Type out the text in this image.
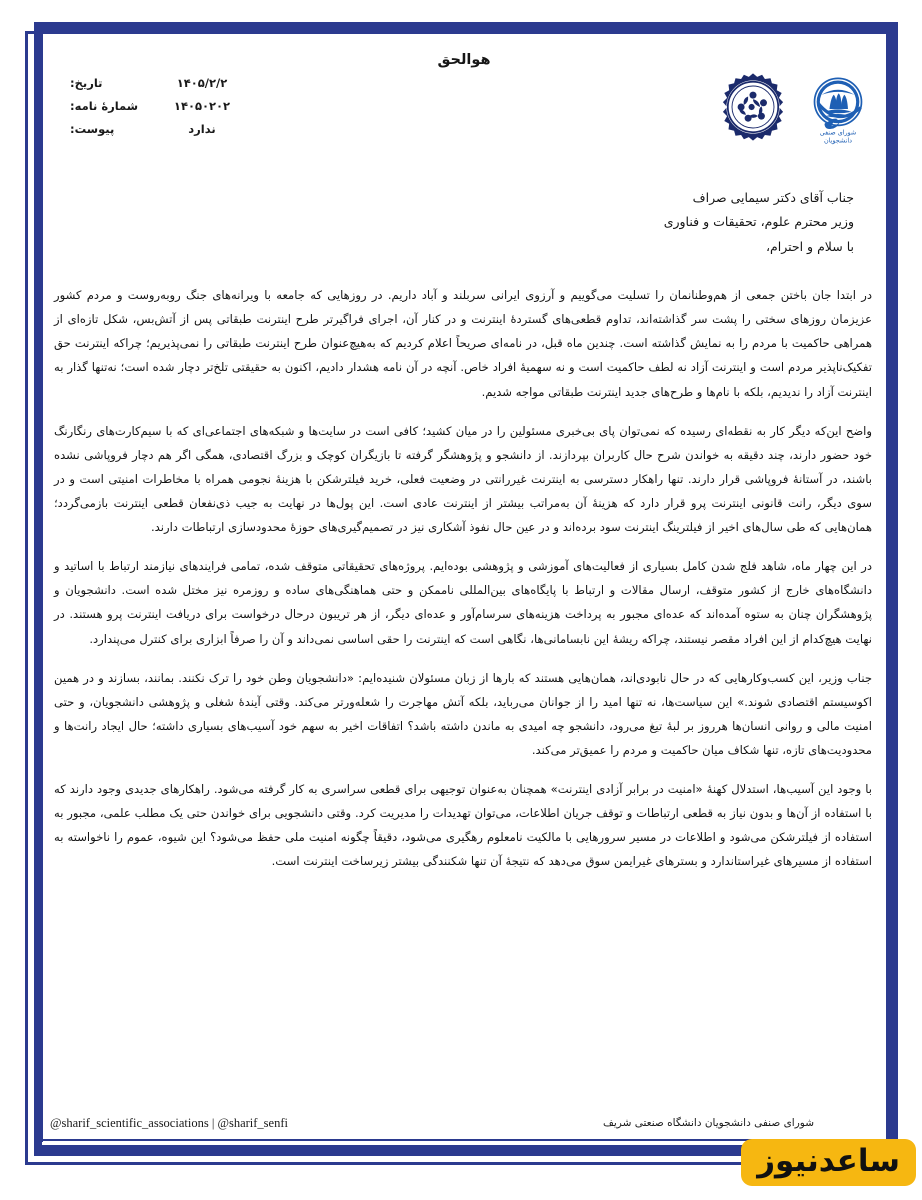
هوالحق
۱۴۰۵/۲/۲
تاریخ:
۱۴۰۵۰۲۰۲
شمارۀ نامه:
ندارد
پیوست:	شورای صنفی
دانشجویان
جناب آقای دکتر سیمایی صراف
وزیر محترم علوم، تحقیقات و فناوری
با سلام و احترام،

در ابتدا جان باختن جمعی از هم‌وطنانمان را تسلیت می‌گوییم و آرزوی ایرانی سربلند و آباد داریم. در روزهایی که جامعه با ویرانه‌های جنگ روبه‌روست و مردم کشور عزیزمان روزهای سختی را پشت سر گذاشته‌اند، تداوم قطعی‌های گستردۀ اینترنت و در کنار آن، اجرای فراگیرتر طرح اینترنت طبقاتی پس از آتش‌بس، شکل تازه‌ای از همراهی حاکمیت با مردم را به نمایش گذاشته است. چندین ماه قبل، در نامه‌ای صریحاً اعلام کردیم که به‌هیچ‌عنوان طرح اینترنت طبقاتی را نمی‌پذیریم؛ چراکه اینترنت حق تفکیک‌ناپذیر مردم است و اینترنت آزاد نه لطف حاکمیت است و نه سهمیۀ افراد خاص. آنچه در آن نامه هشدار دادیم، اکنون به حقیقتی تلخ‌تر دچار شده است؛ نه‌تنها گذار به اینترنت آزاد را ندیدیم، بلکه با نام‌ها و طرح‌های جدید اینترنت طبقاتی مواجه شدیم.

واضح این‌که دیگر کار به نقطه‌ای رسیده که نمی‌توان پای بی‌خبری مسئولین را در میان کشید؛ کافی است در سایت‌ها و شبکه‌های اجتماعی‌ای که با سیم‌کارت‌های رنگارنگ خود حضور دارند، چند دقیقه به خواندن شرح حال کاربران بپردازند. از دانشجو و پژوهشگر گرفته تا بازیگران کوچک و بزرگ اقتصادی، همگی اگر هم دچار فروپاشی نشده باشند، در آستانۀ فروپاشی قرار دارند. تنها راهکار دسترسی به اینترنت غیررانتی در وضعیت فعلی، خرید فیلترشکن با هزینۀ نجومی همراه با مخاطرات امنیتی است و در سوی دیگر، رانت قانونی اینترنت پرو قرار دارد که هزینۀ آن به‌مراتب بیشتر از اینترنت عادی است. این پول‌ها در نهایت به جیب ذی‌نفعان قطعی اینترنت بازمی‌گردد؛ همان‌هایی که طی سال‌های اخیر از فیلترینگ اینترنت سود برده‌اند و در عین حال نفوذ آشکاری نیز در تصمیم‌گیری‌های حوزۀ محدودسازی ارتباطات دارند.

در این چهار ماه، شاهد فلج شدن کامل بسیاری از فعالیت‌های آموزشی و پژوهشی بوده‌ایم. پروژه‌های تحقیقاتی متوقف شده، تمامی فرایندهای نیازمند ارتباط با اساتید و دانشگاه‌های خارج از کشور متوقف، ارسال مقالات و ارتباط با پایگاه‌های بین‌المللی ناممکن و حتی هماهنگی‌های ساده و روزمره نیز مختل شده است. دانشجویان و پژوهشگران چنان به ستوه آمده‌اند که عده‌ای مجبور به پرداخت هزینه‌های سرسام‌آور و عده‌ای دیگر، از هر تریبون درحال درخواست برای دریافت اینترنت پرو هستند. در نهایت هیچ‌کدام از این افراد مقصر نیستند، چراکه ریشۀ این نابسامانی‌ها، نگاهی است که اینترنت را حقی اساسی نمی‌داند و آن را صرفاً ابزاری برای کنترل می‌پندارد.

جناب وزیر، این کسب‌وکارهایی که در حال نابودی‌اند، همان‌هایی هستند که بارها از زبان مسئولان شنیده‌ایم: «دانشجویان وطن خود را ترک نکنند. بمانند، بسازند و در همین اکوسیستم اقتصادی شوند.» این سیاست‌ها، نه تنها امید را از جوانان می‌رباید، بلکه آتش مهاجرت را شعله‌ورتر می‌کند. وقتی آیندۀ شغلی و پژوهشی دانشجویان، و حتی امنیت مالی و روانی انسان‌ها هرروز بر لبۀ تیغ می‌رود، دانشجو چه امیدی به ماندن داشته باشد؟ اتفاقات اخیر به سهم خود آسیب‌های بسیاری داشته؛ حال ایجاد رانت‌ها و محدودیت‌های تازه، تنها شکاف میان حاکمیت و مردم را عمیق‌تر می‌کند.

با وجود این آسیب‌ها، استدلال کهنۀ «امنیت در برابر آزادی اینترنت» همچنان به‌عنوان توجیهی برای قطعی سراسری به کار گرفته می‌شود. راهکارهای جدیدی وجود دارند که با استفاده از آن‌ها و بدون نیاز به قطعی ارتباطات و توقف جریان اطلاعات، می‌توان تهدیدات را مدیریت کرد. وقتی دانشجویی برای خواندن حتی یک مطلب علمی، مجبور به استفاده از فیلترشکن می‌شود و اطلاعات در مسیر سرورهایی با مالکیت نامعلوم رهگیری می‌شود، دقیقاً چگونه امنیت ملی حفظ می‌شود؟ این شیوه، عموم را ناخواسته به استفاده از مسیرهای غیراستاندارد و بسترهای غیرایمن سوق می‌دهد که نتیجۀ آن تنها شکنندگی بیشتر زیرساخت اینترنت است.

@sharif_scientific_associations | @sharif_senfi	شورای صنفی دانشجویان دانشگاه صنعتی شریف
ساعدنیوز
